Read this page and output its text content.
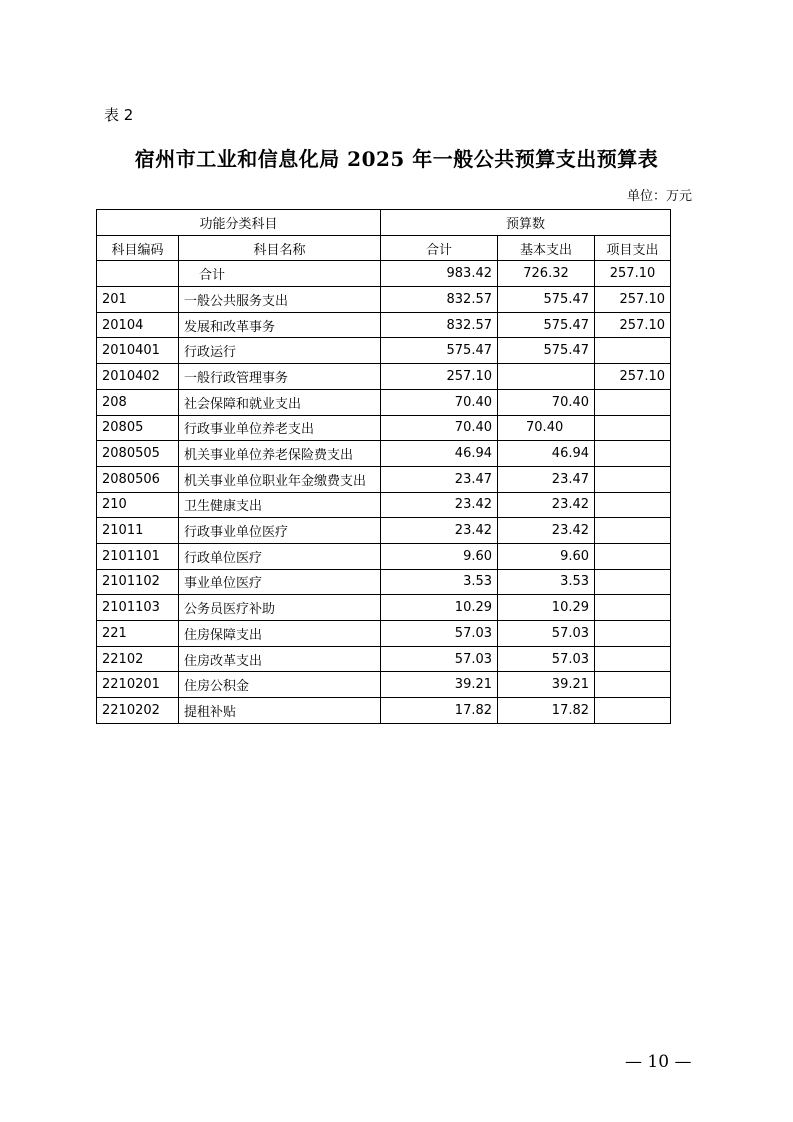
表 2
宿州市工业和信息化局 2025 年一般公共预算支出预算表
单位：万元
功能分类科目		预算数		
科目编码	科目名称	合计	基本支出	项目支出
	合计	983.42	726.32	257.10
201	一般公共服务支出	832.57	575.47	257.10
20104	发展和改革事务	832.57	575.47	257.10
2010401	行政运行	575.47	575.47	
2010402	一般行政管理事务	257.10		257.10
208	社会保障和就业支出	70.40	70.40	
20805	行政事业单位养老支出	70.40	70.40	
2080505	机关事业单位养老保险费支出	46.94	46.94	
2080506	机关事业单位职业年金缴费支出	23.47	23.47	
210	卫生健康支出	23.42	23.42	
21011	行政事业单位医疗	23.42	23.42	
2101101	行政单位医疗	9.60	9.60	
2101102	事业单位医疗	3.53	3.53	
2101103	公务员医疗补助	10.29	10.29	
221	住房保障支出	57.03	57.03	
22102	住房改革支出	57.03	57.03	
2210201	住房公积金	39.21	39.21	
2210202	提租补贴	17.82	17.82	
— 10 —
